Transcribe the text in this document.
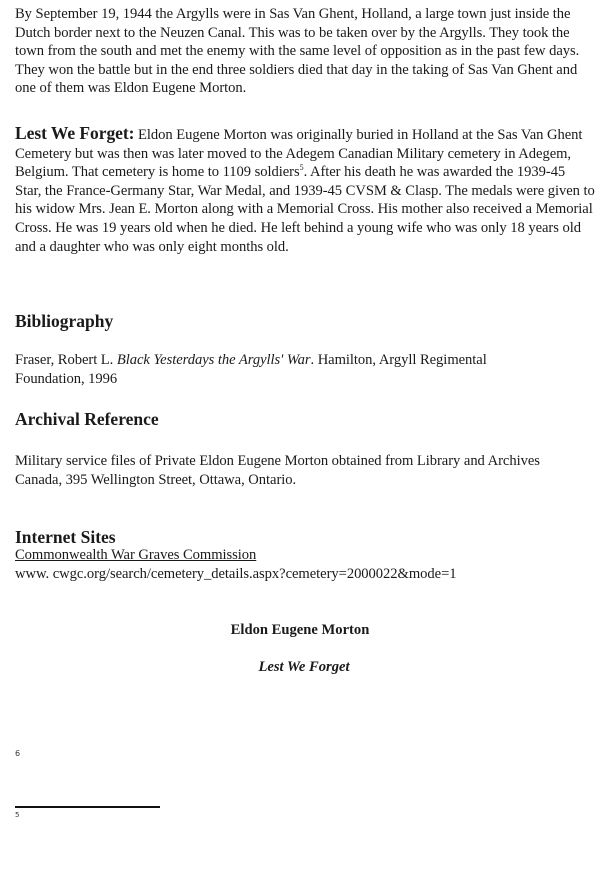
By September 19, 1944 the Argylls were in Sas Van Ghent, Holland, a large town just inside the Dutch border next to the Neuzen Canal. This was to be taken over by the Argylls. They took the town from the south and met the enemy with the same level of opposition as in the past few days. They won the battle but in the end three soldiers died that day in the taking of Sas Van Ghent and one of them was Eldon Eugene Morton.

Lest We Forget: Eldon Eugene Morton was originally buried in Holland at the Sas Van Ghent Cemetery but was then was later moved to the Adegem Canadian Military cemetery in Adegem, Belgium. That cemetery is home to 1109 soldiers$^5$. After his death he was awarded the 1939-45 Star, the France-Germany Star, War Medal, and 1939-45 CVSM & Clasp. The medals were given to his widow Mrs. Jean E. Morton along with a Memorial Cross. His mother also received a Memorial Cross. He was 19 years old when he died. He left behind a young wife who was only 18 years old and a daughter who was only eight months old.

Bibliography

Fraser, Robert L. Black Yesterdays the Argylls' War. Hamilton, Argyll Regimental Foundation, 1996

Archival Reference

Military service files of Private Eldon Eugene Morton obtained from Library and Archives Canada, 395 Wellington Street, Ottawa, Ontario.

Internet Sites

Commonwealth War Graves Commission

www. cwgc.org/search/cemetery_details.aspx?cemetery=2000022&mode=1

Eldon Eugene Morton
Lest We Forget
6
5
